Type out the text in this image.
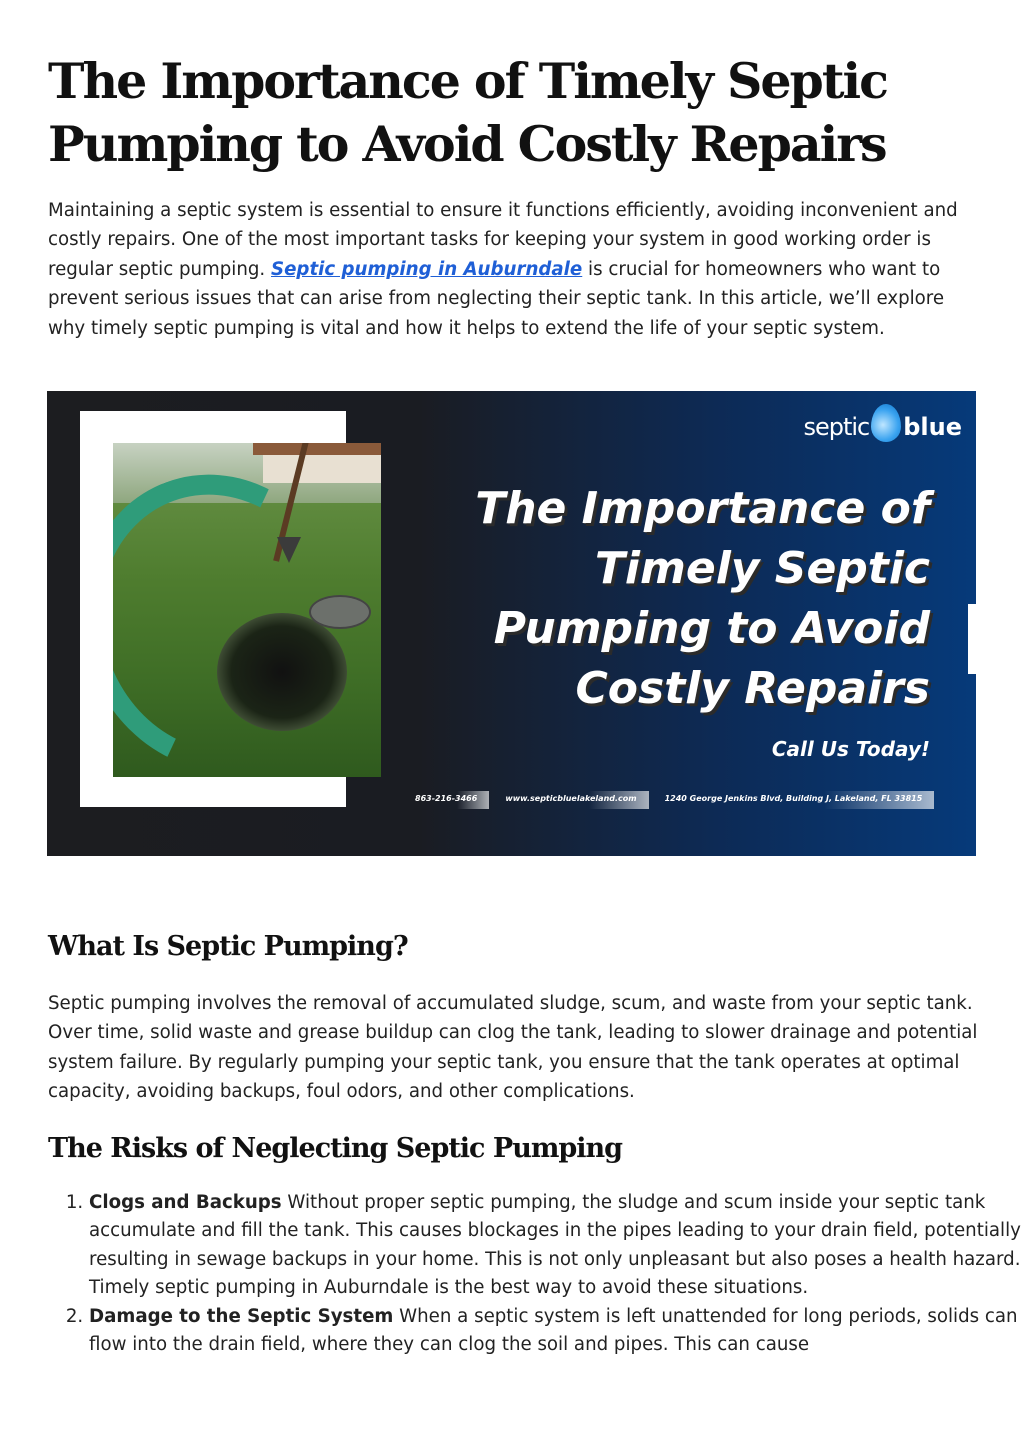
The Importance of Timely Septic Pumping to Avoid Costly Repairs

Maintaining a septic system is essential to ensure it functions efficiently, avoiding inconvenient and costly repairs. One of the most important tasks for keeping your system in good working order is regular septic pumping. Septic pumping in Auburndale is crucial for homeowners who want to prevent serious issues that can arise from neglecting their septic tank. In this article, we’ll explore why timely septic pumping is vital and how it helps to extend the life of your septic system.

septic blue
The Importance of
Timely Septic
Pumping to Avoid
Costly Repairs
Call Us Today!
863-216-3466	www.septicbluelakeland.com	1240 George Jenkins Blvd, Building J, Lakeland, FL 33815
What Is Septic Pumping?

Septic pumping involves the removal of accumulated sludge, scum, and waste from your septic tank. Over time, solid waste and grease buildup can clog the tank, leading to slower drainage and potential system failure. By regularly pumping your septic tank, you ensure that the tank operates at optimal capacity, avoiding backups, foul odors, and other complications.

The Risks of Neglecting Septic Pumping
1. Clogs and Backups Without proper septic pumping, the sludge and scum inside your septic tank accumulate and fill the tank. This causes blockages in the pipes leading to your drain field, potentially resulting in sewage backups in your home. This is not only unpleasant but also poses a health hazard. Timely septic pumping in Auburndale is the best way to avoid these situations.
2. Damage to the Septic System When a septic system is left unattended for long periods, solids can flow into the drain field, where they can clog the soil and pipes. This can cause
